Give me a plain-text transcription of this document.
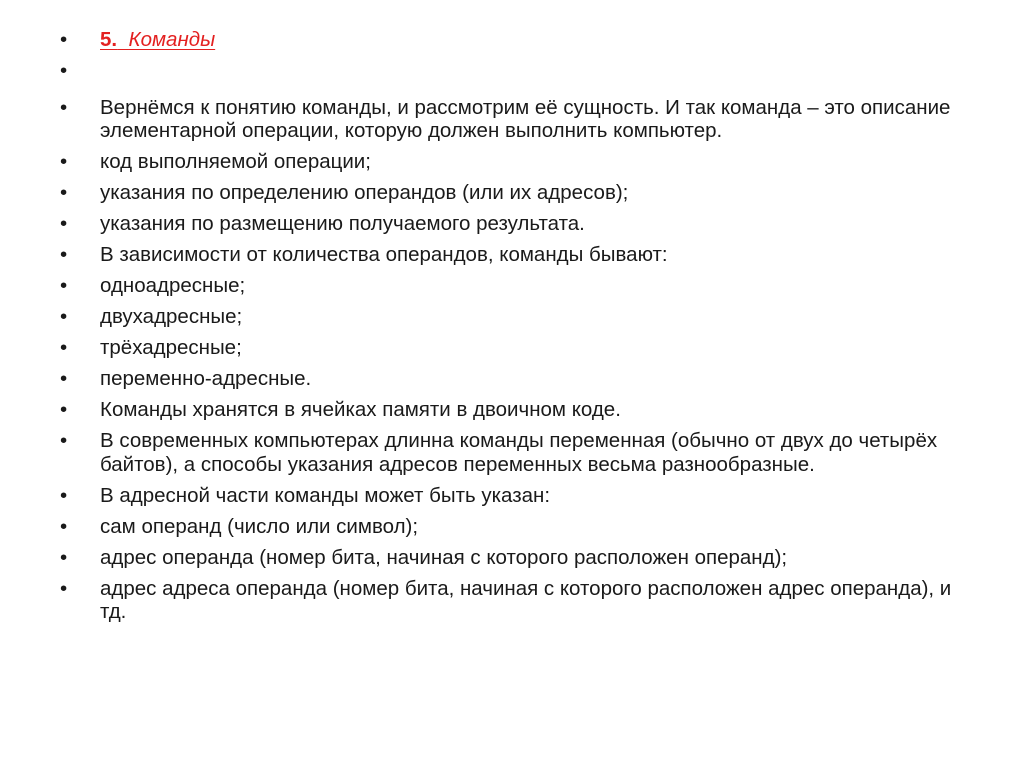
•	5. Команды
•
•	Вернёмся к понятию команды, и рассмотрим её сущность. И так команда – это описание элементарной операции, которую должен выполнить компьютер.
•	код выполняемой операции;
•	указания по определению операндов (или их адресов);
•	указания по размещению получаемого результата.
•	В зависимости от количества операндов, команды бывают:
•	одноадресные;
•	двухадресные;
•	трёхадресные;
•	переменно-адресные.
•	Команды хранятся в ячейках памяти в двоичном коде.
•	В современных компьютерах длинна команды переменная (обычно от двух до четырёх байтов), а способы указания адресов переменных весьма разнообразные.
•	В адресной части команды может быть указан:
•	сам операнд (число или символ);
•	адрес операнда (номер бита, начиная с которого расположен операнд);
•	адрес адреса операнда (номер бита, начиная с которого расположен адрес операнда), и тд.
